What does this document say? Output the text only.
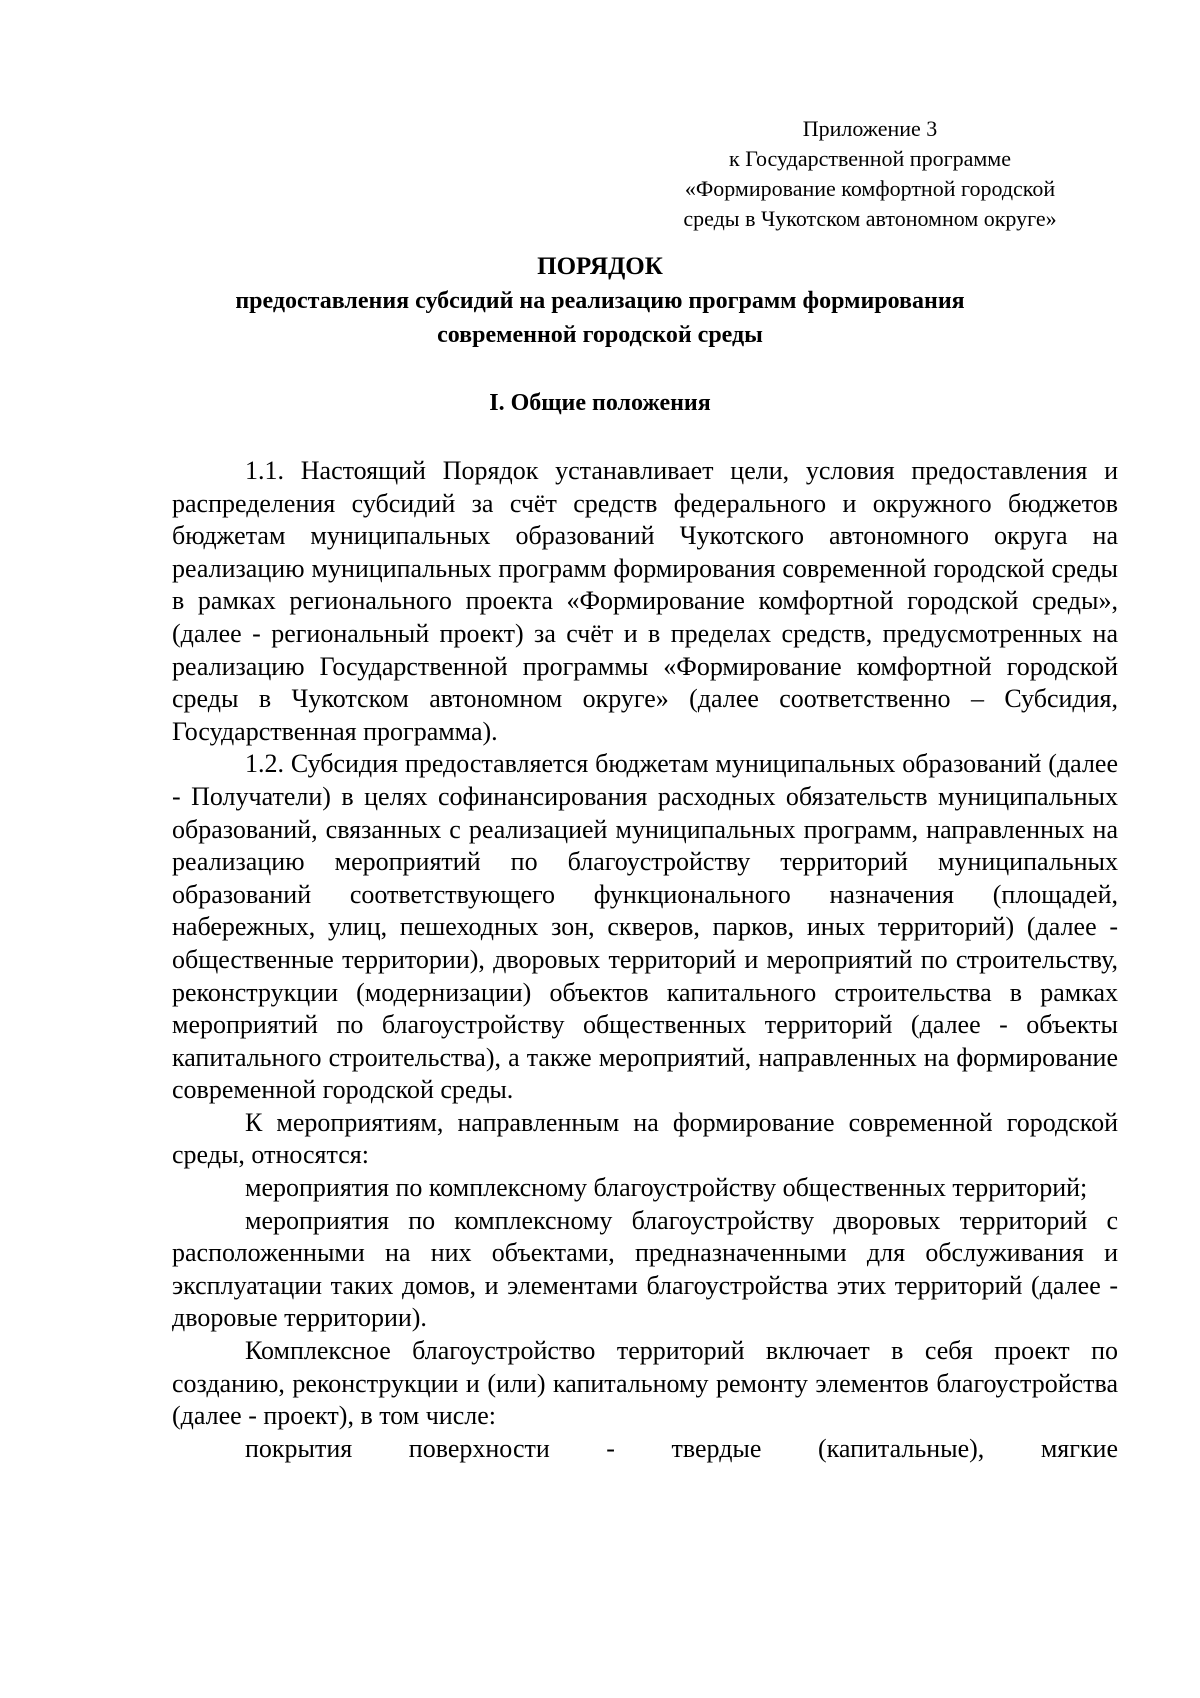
Приложение 3
к Государственной программе
«Формирование комфортной городской
среды в Чукотском автономном округе»
ПОРЯДОК
предоставления субсидий на реализацию программ формирования
современной городской среды
I. Общие положения

1.1. Настоящий Порядок устанавливает цели, условия предоставления и распределения субсидий за счёт средств федерального и окружного бюджетов бюджетам муниципальных образований Чукотского автономного округа на реализацию муниципальных программ формирования современной городской среды в рамках регионального проекта «Формирование комфортной городской среды», (далее - региональный проект) за счёт и в пределах средств, предусмотренных на реализацию Государственной программы «Формирование комфортной городской среды в Чукотском автономном округе» (далее соответственно – Субсидия, Государственная программа).

1.2. Субсидия предоставляется бюджетам муниципальных образований (далее - Получатели) в целях софинансирования расходных обязательств муниципальных образований, связанных с реализацией муниципальных программ, направленных на реализацию мероприятий по благоустройству территорий муниципальных образований соответствующего функционального назначения (площадей, набережных, улиц, пешеходных зон, скверов, парков, иных территорий) (далее - общественные территории), дворовых территорий и мероприятий по строительству, реконструкции (модернизации) объектов капитального строительства в рамках мероприятий по благоустройству общественных территорий (далее - объекты капитального строительства), а также мероприятий, направленных на формирование современной городской среды.

К мероприятиям, направленным на формирование современной городской среды, относятся:

мероприятия по комплексному благоустройству общественных территорий;

мероприятия по комплексному благоустройству дворовых территорий с расположенными на них объектами, предназначенными для обслуживания и эксплуатации таких домов, и элементами благоустройства этих территорий (далее - дворовые территории).

Комплексное благоустройство территорий включает в себя проект по созданию, реконструкции и (или) капитальному ремонту элементов благоустройства (далее - проект), в том числе:

покрытия поверхности - твердые (капитальные), мягкие
